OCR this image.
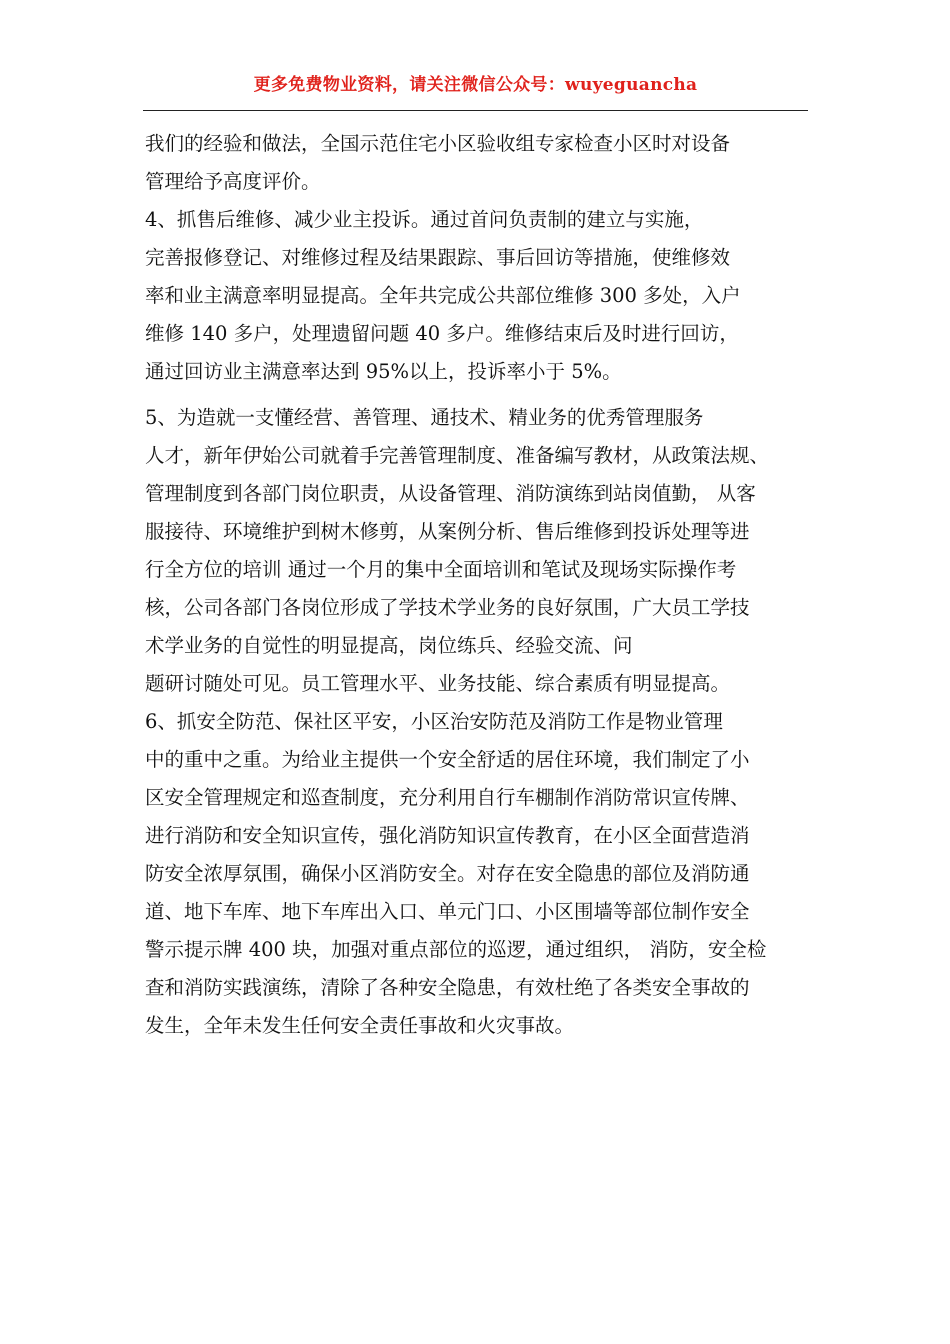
更多免费物业资料，请关注微信公众号：wuyeguancha
我们的经验和做法，全国示范住宅小区验收组专家检查小区时对设备
管理给予高度评价。
4、抓售后维修、减少业主投诉。通过首问负责制的建立与实施，
完善报修登记、对维修过程及结果跟踪、事后回访等措施，使维修效
率和业主满意率明显提高。全年共完成公共部位维修 300 多处，入户
维修 140 多户，处理遗留问题 40 多户。维修结束后及时进行回访，
通过回访业主满意率达到 95%以上，投诉率小于 5%。
5、为造就一支懂经营、善管理、通技术、精业务的优秀管理服务
人才，新年伊始公司就着手完善管理制度、准备编写教材，从政策法规、
管理制度到各部门岗位职责，从设备管理、消防演练到站岗值勤， 从客
服接待、环境维护到树木修剪，从案例分析、售后维修到投诉处理等进
行全方位的培训 通过一个月的集中全面培训和笔试及现场实际操作考
核，公司各部门各岗位形成了学技术学业务的良好氛围，广大员工学技
术学业务的自觉性的明显提高，岗位练兵、经验交流、问
题研讨随处可见。员工管理水平、业务技能、综合素质有明显提高。
6、抓安全防范、保社区平安，小区治安防范及消防工作是物业管理
中的重中之重。为给业主提供一个安全舒适的居住环境，我们制定了小
区安全管理规定和巡查制度，充分利用自行车棚制作消防常识宣传牌、
进行消防和安全知识宣传，强化消防知识宣传教育，在小区全面营造消
防安全浓厚氛围，确保小区消防安全。对存在安全隐患的部位及消防通
道、地下车库、地下车库出入口、单元门口、小区围墙等部位制作安全
警示提示牌 400 块，加强对重点部位的巡逻，通过组织， 消防，安全检
查和消防实践演练，清除了各种安全隐患，有效杜绝了各类安全事故的
发生，全年未发生任何安全责任事故和火灾事故。
